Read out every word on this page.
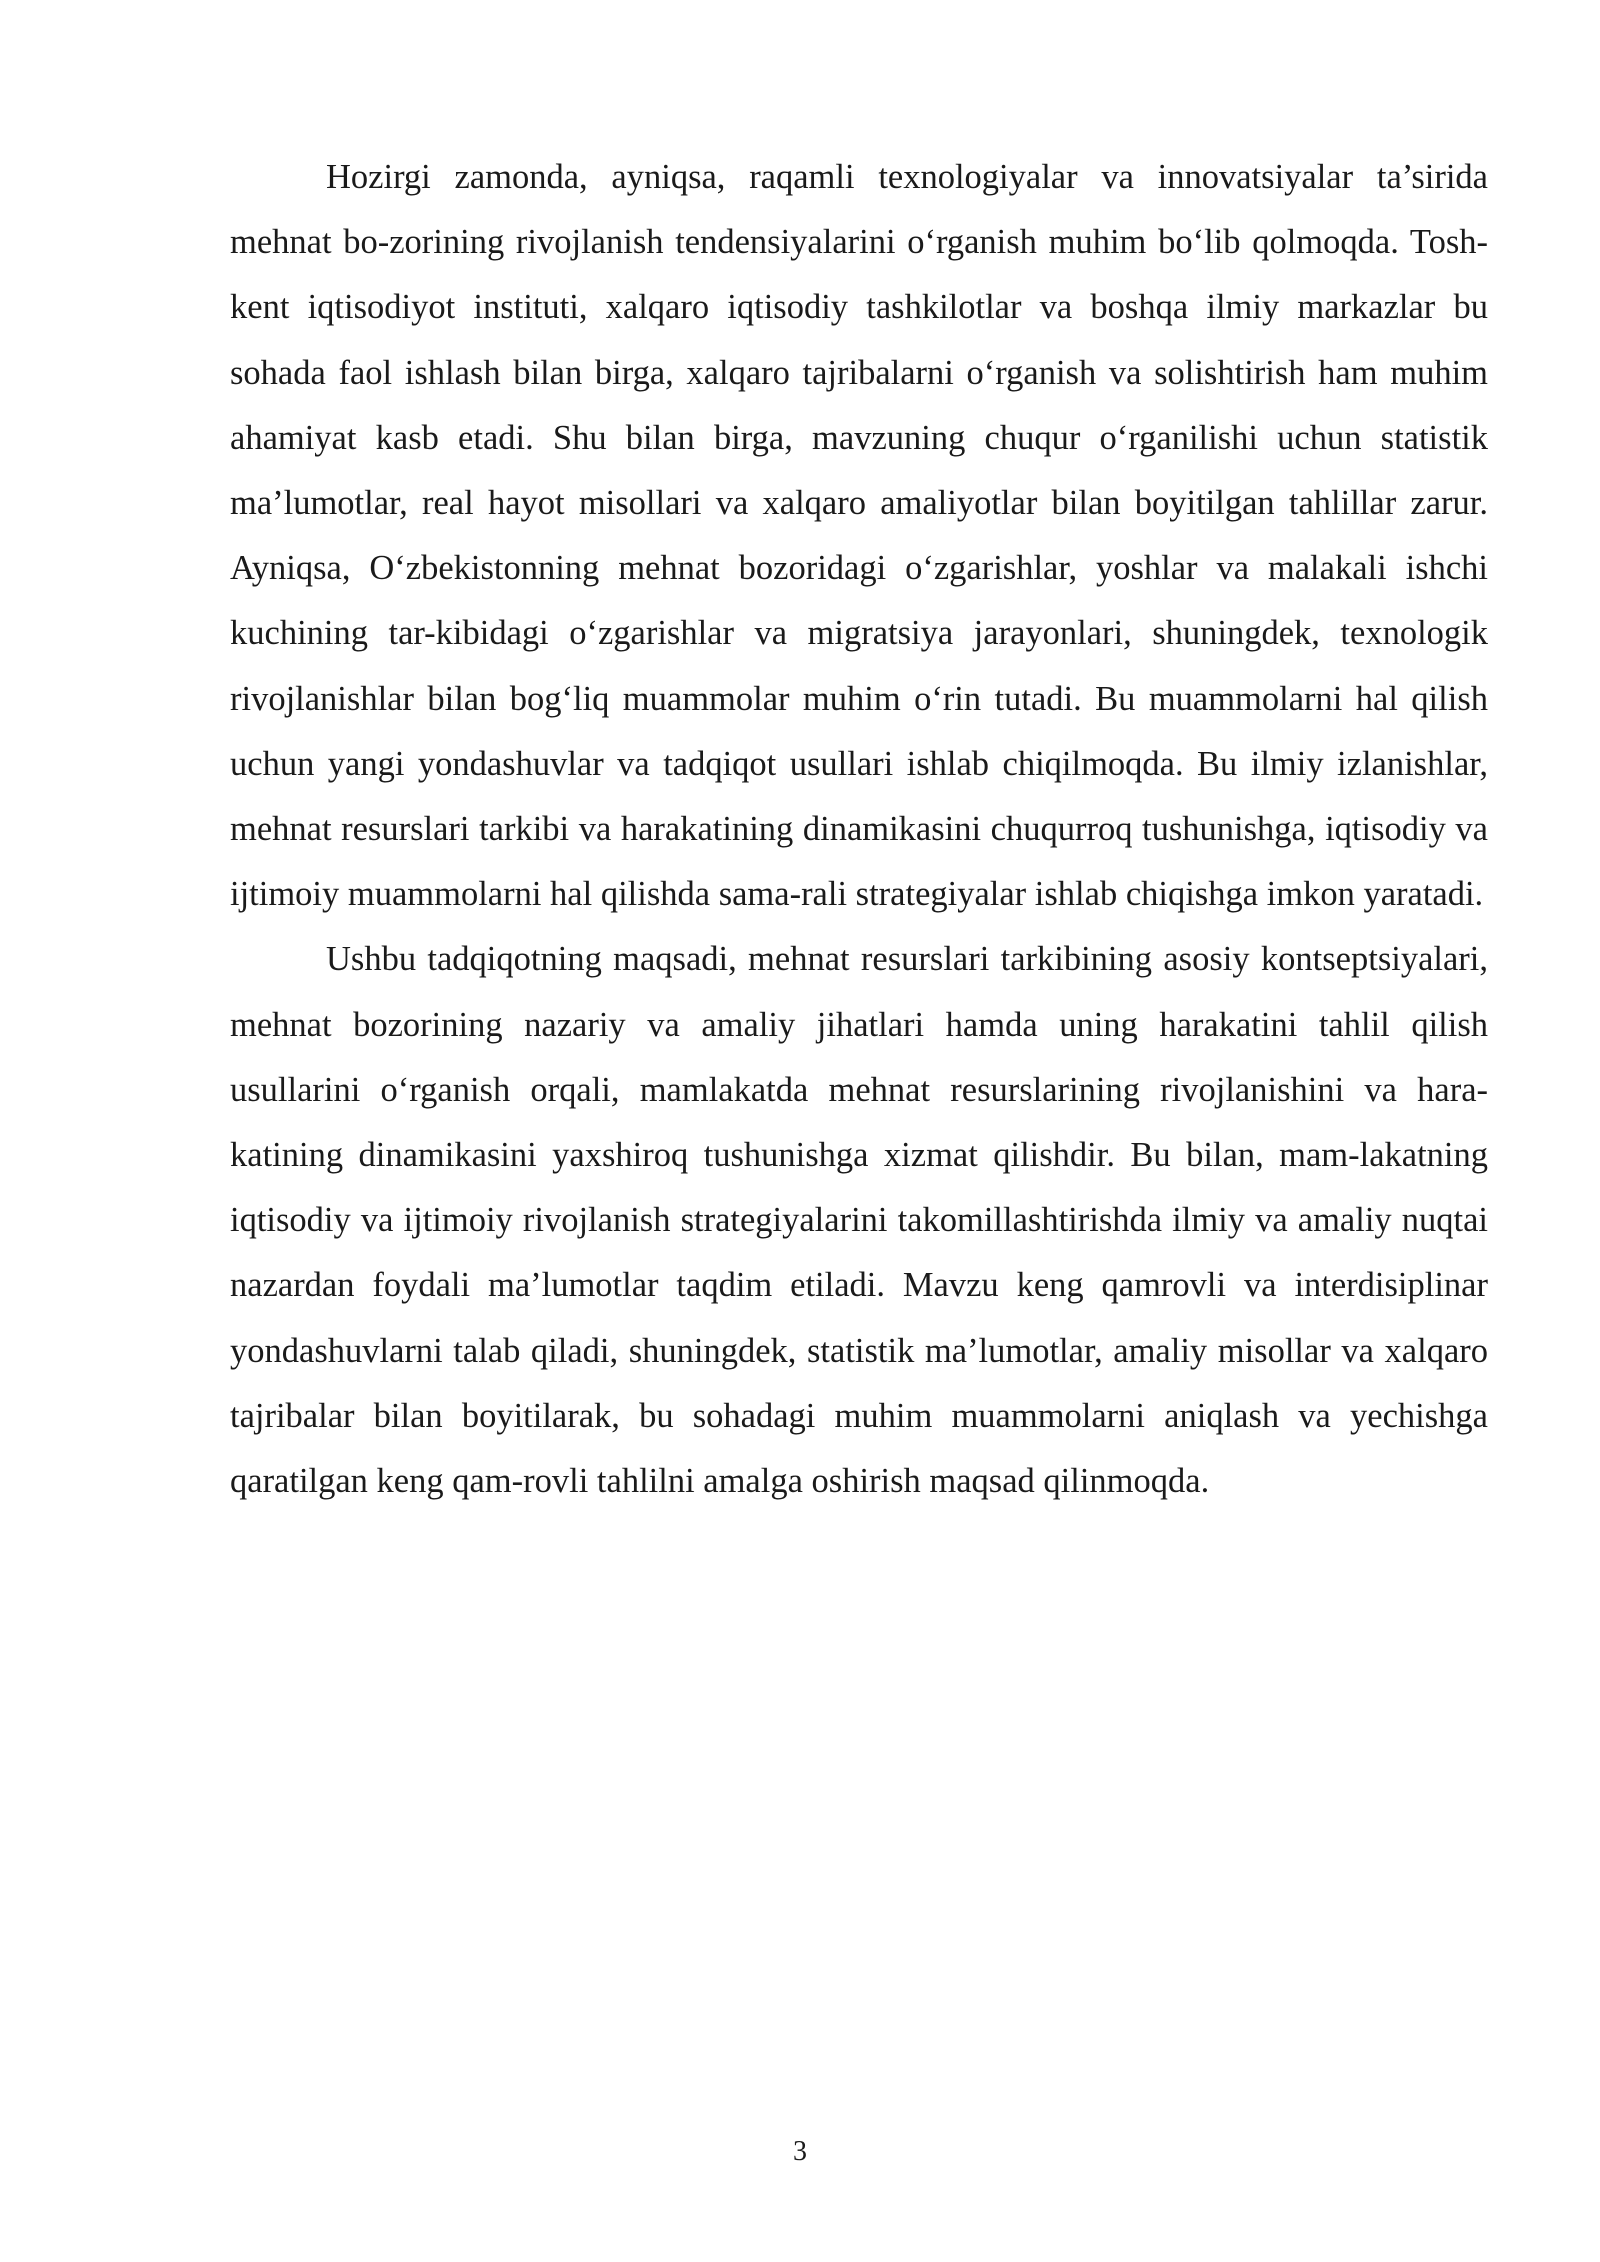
Hozirgi zamonda, ayniqsa, raqamli texnologiyalar va innovatsiyalar ta’sirida mehnat bo-zorining rivojlanish tendensiyalarini o‘rganish muhim bo‘lib qolmoqda. Tosh-kent iqtisodiyot instituti, xalqaro iqtisodiy tashkilotlar va boshqa ilmiy markazlar bu sohada faol ishlash bilan birga, xalqaro tajribalarni o‘rganish va solishtirish ham muhim ahamiyat kasb etadi. Shu bilan birga, mavzuning chuqur o‘rganilishi uchun statistik ma’lumotlar, real hayot misollari va xalqaro amaliyotlar bilan boyitilgan tahlillar zarur. Ayniqsa, O‘zbekistonning mehnat bozoridagi o‘zgarishlar, yoshlar va malakali ishchi kuchining tar-kibidagi o‘zgarishlar va migratsiya jarayonlari, shuningdek, texnologik rivojlanishlar bilan bog‘liq muammolar muhim o‘rin tutadi. Bu muammolarni hal qilish uchun yangi yondashuvlar va tadqiqot usullari ishlab chiqilmoqda. Bu ilmiy izlanishlar, mehnat resurslari tarkibi va harakatining dinamikasini chuqurroq tushunishga, iqtisodiy va ijtimoiy muammolarni hal qilishda sama-rali strategiyalar ishlab chiqishga imkon yaratadi.

Ushbu tadqiqotning maqsadi, mehnat resurslari tarkibining asosiy kontseptsiyalari, mehnat bozorining nazariy va amaliy jihatlari hamda uning harakatini tahlil qilish usullarini o‘rganish orqali, mamlakatda mehnat resurslarining rivojlanishini va hara-katining dinamikasini yaxshiroq tushunishga xizmat qilishdir. Bu bilan, mam-lakatning iqtisodiy va ijtimoiy rivojlanish strategiyalarini takomillashtirishda ilmiy va amaliy nuqtai nazardan foydali ma’lumotlar taqdim etiladi. Mavzu keng qamrovli va interdisiplinar yondashuvlarni talab qiladi, shuningdek, statistik ma’lumotlar, amaliy misollar va xalqaro tajribalar bilan boyitilarak, bu sohadagi muhim muammolarni aniqlash va yechishga qaratilgan keng qam-rovli tahlilni amalga oshirish maqsad qilinmoqda.

3
